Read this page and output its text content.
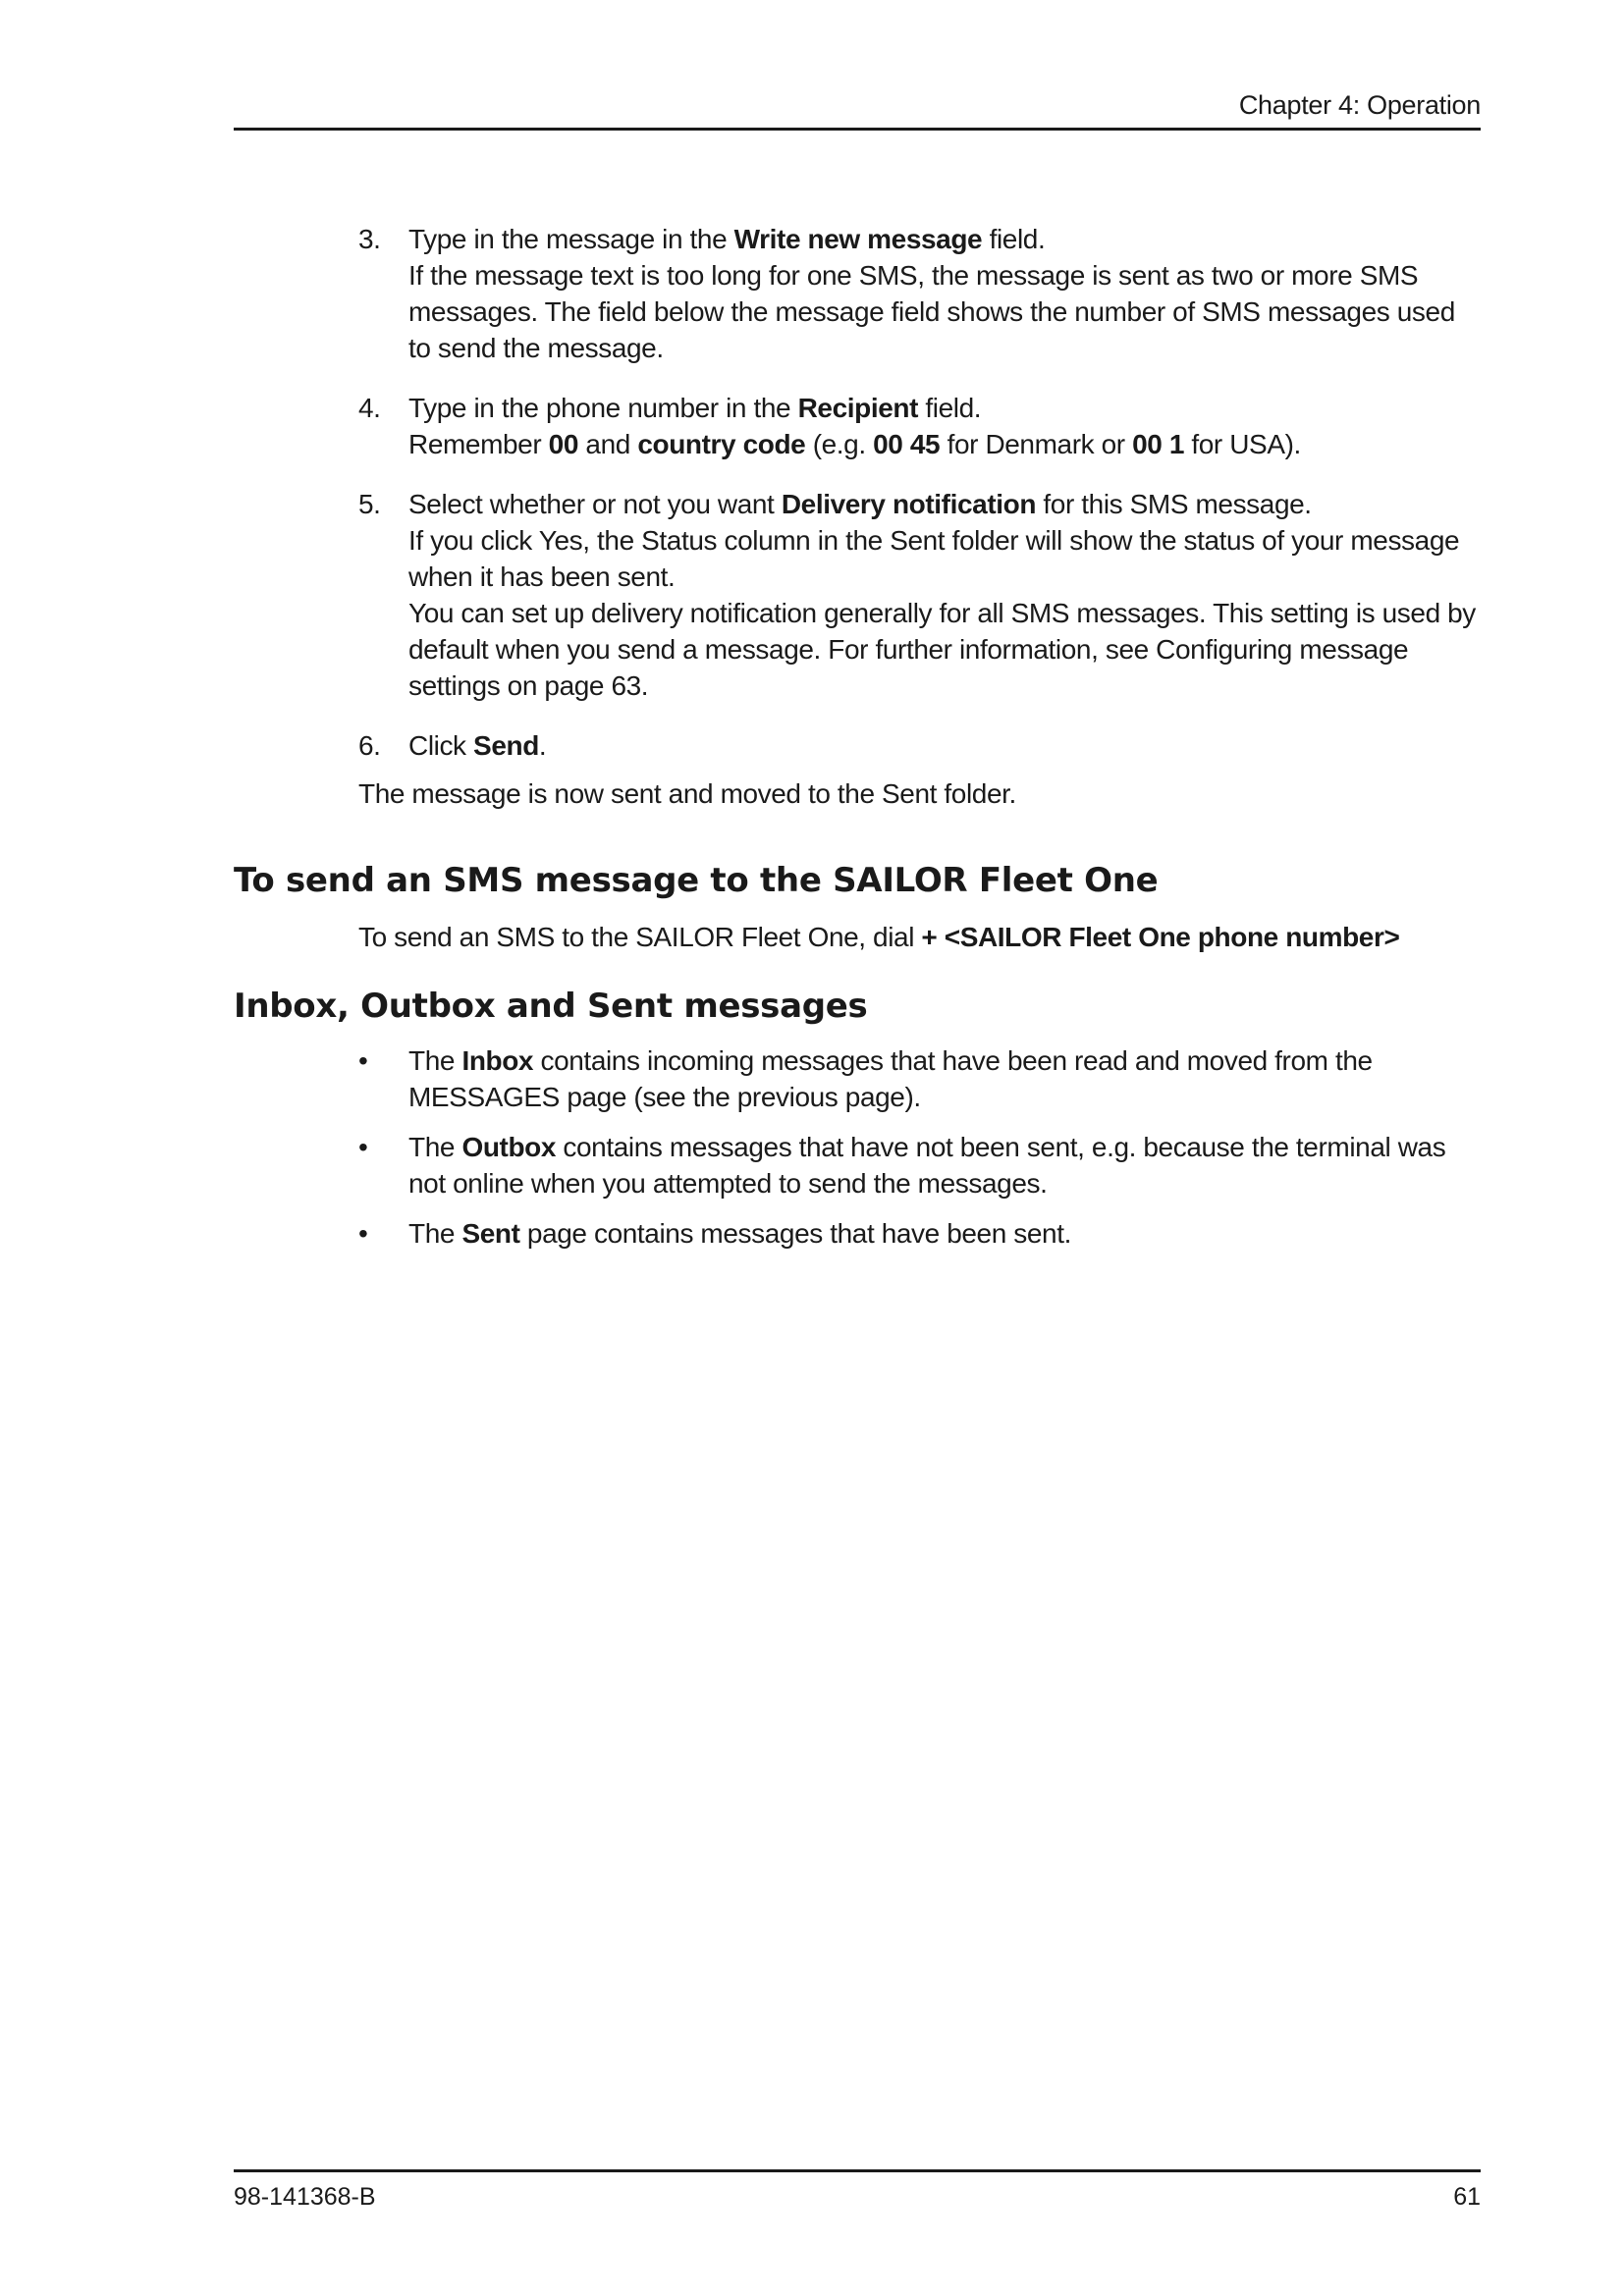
Chapter 4: Operation
3. Type in the message in the Write new message field.

If the message text is too long for one SMS, the message is sent as two or more SMS messages. The field below the message field shows the number of SMS messages used to send the message.

4. Type in the phone number in the Recipient field.

Remember 00 and country code (e.g. 00 45 for Denmark or 00 1 for USA).

5. Select whether or not you want Delivery notification for this SMS message.

If you click Yes, the Status column in the Sent folder will show the status of your message when it has been sent.

You can set up delivery notification generally for all SMS messages. This setting is used by default when you send a message. For further information, see Configuring message settings on page 63.

6. Click Send.

The message is now sent and moved to the Sent folder.

To send an SMS message to the SAILOR Fleet One

To send an SMS to the SAILOR Fleet One, dial + <SAILOR Fleet One phone number>

Inbox, Outbox and Sent messages
• The Inbox contains incoming messages that have been read and moved from the MESSAGES page (see the previous page).

• The Outbox contains messages that have not been sent, e.g. because the terminal was not online when you attempted to send the messages.

• The Sent page contains messages that have been sent.

98-141368-B	61
